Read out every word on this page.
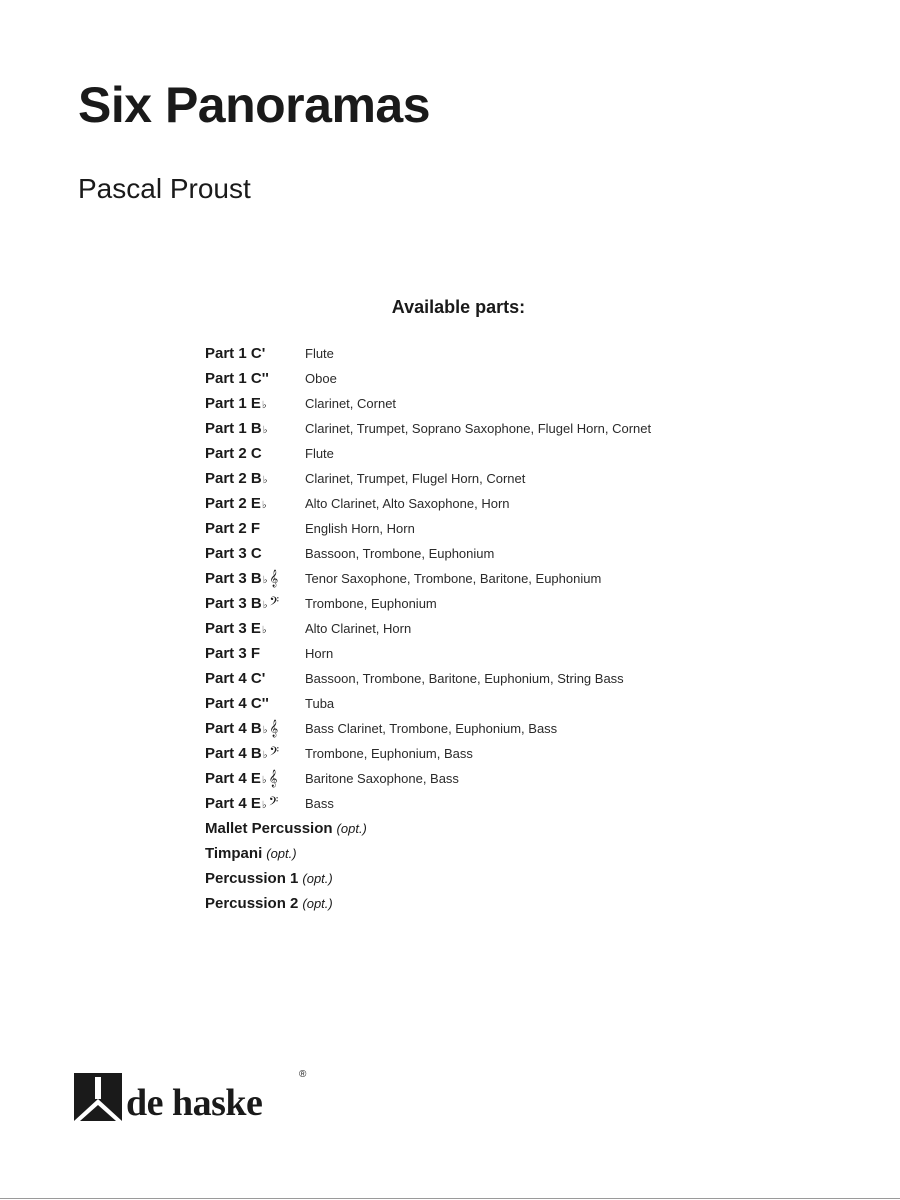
Six Panoramas
Pascal Proust
Available parts:
Part 1 C'	Flute
Part 1 C''	Oboe
Part 1 E♭	Clarinet, Cornet
Part 1 B♭	Clarinet, Trumpet, Soprano Saxophone, Flugel Horn, Cornet
Part 2 C	Flute
Part 2 B♭	Clarinet, Trumpet, Flugel Horn, Cornet
Part 2 E♭	Alto Clarinet, Alto Saxophone, Horn
Part 2 F	English Horn, Horn
Part 3 C	Bassoon, Trombone, Euphonium
Part 3 B♭ 𝄞	Tenor Saxophone, Trombone, Baritone, Euphonium
Part 3 B♭ 𝄢	Trombone, Euphonium
Part 3 E♭	Alto Clarinet, Horn
Part 3 F	Horn
Part 4 C'	Bassoon, Trombone, Baritone, Euphonium, String Bass
Part 4 C''	Tuba
Part 4 B♭ 𝄞	Bass Clarinet, Trombone, Euphonium, Bass
Part 4 B♭ 𝄢	Trombone, Euphonium, Bass
Part 4 E♭ 𝄞	Baritone Saxophone, Bass
Part 4 E♭ 𝄢	Bass
Mallet Percussion (opt.)
Timpani (opt.)
Percussion 1 (opt.)
Percussion 2 (opt.)
de haske
®
